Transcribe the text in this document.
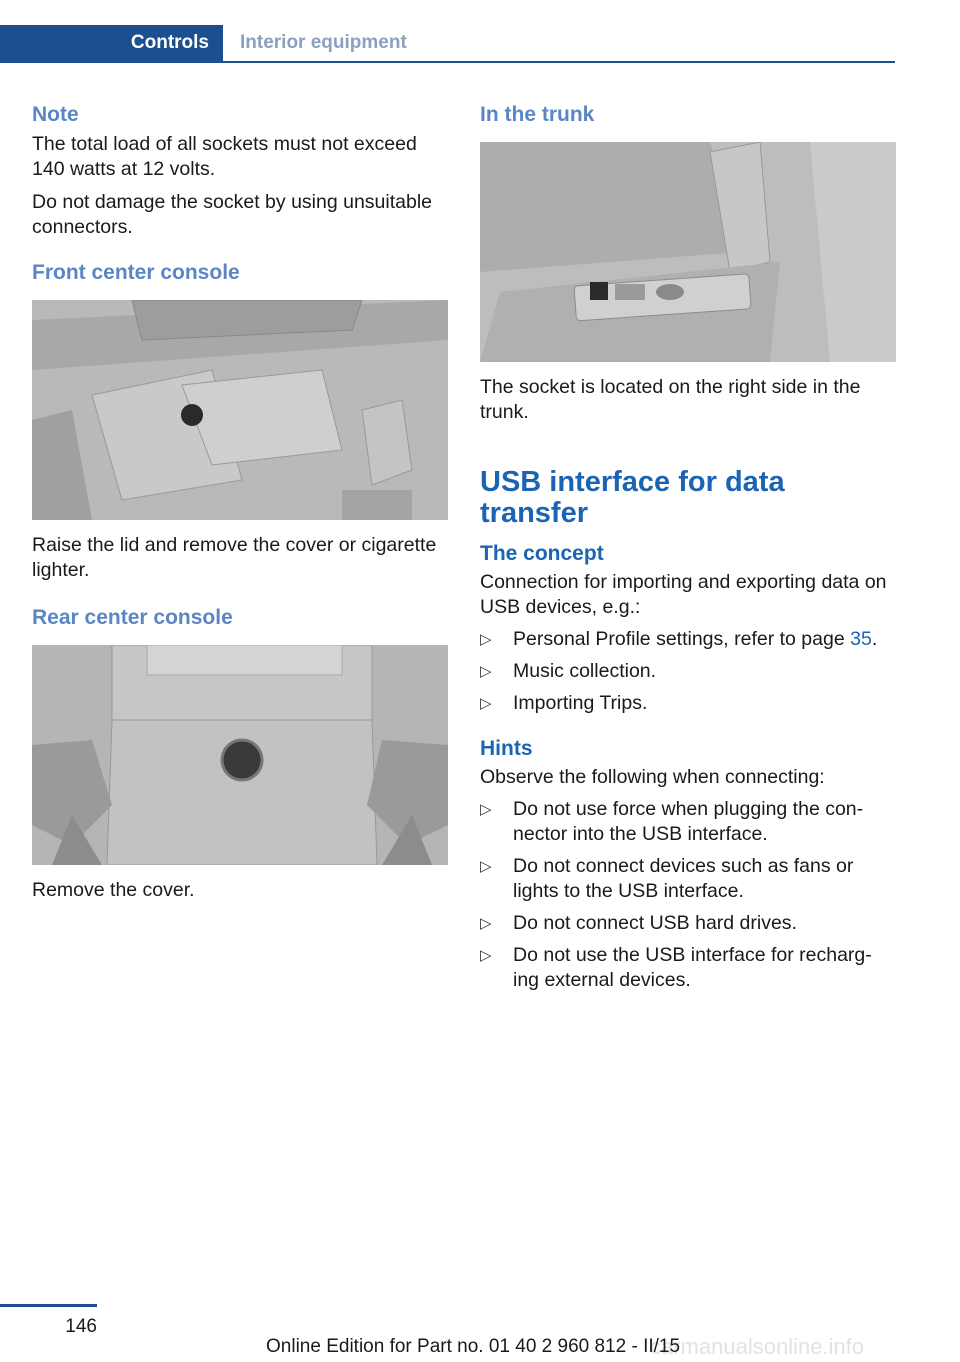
Controls	Interior equipment
Note

The total load of all sockets must not exceed 140 watts at 12 volts.

Do not damage the socket by using unsuitable connectors.

Front center console

Raise the lid and remove the cover or cigarette lighter.

Rear center console

Remove the cover.

In the trunk

The socket is located on the right side in the trunk.

USB interface for data transfer
The concept

Connection for importing and exporting data on USB devices, e.g.:

▷ Personal Profile settings, refer to page 35.
▷ Music collection.
▷ Importing Trips.
Hints

Observe the following when connecting:

▷ Do not use force when plugging the con‐nector into the USB interface.
▷ Do not connect devices such as fans or lights to the USB interface.
▷ Do not connect USB hard drives.
▷ Do not use the USB interface for recharg‐ing external devices.
146
carmanualsonline.info
Online Edition for Part no. 01 40 2 960 812 - II/15
